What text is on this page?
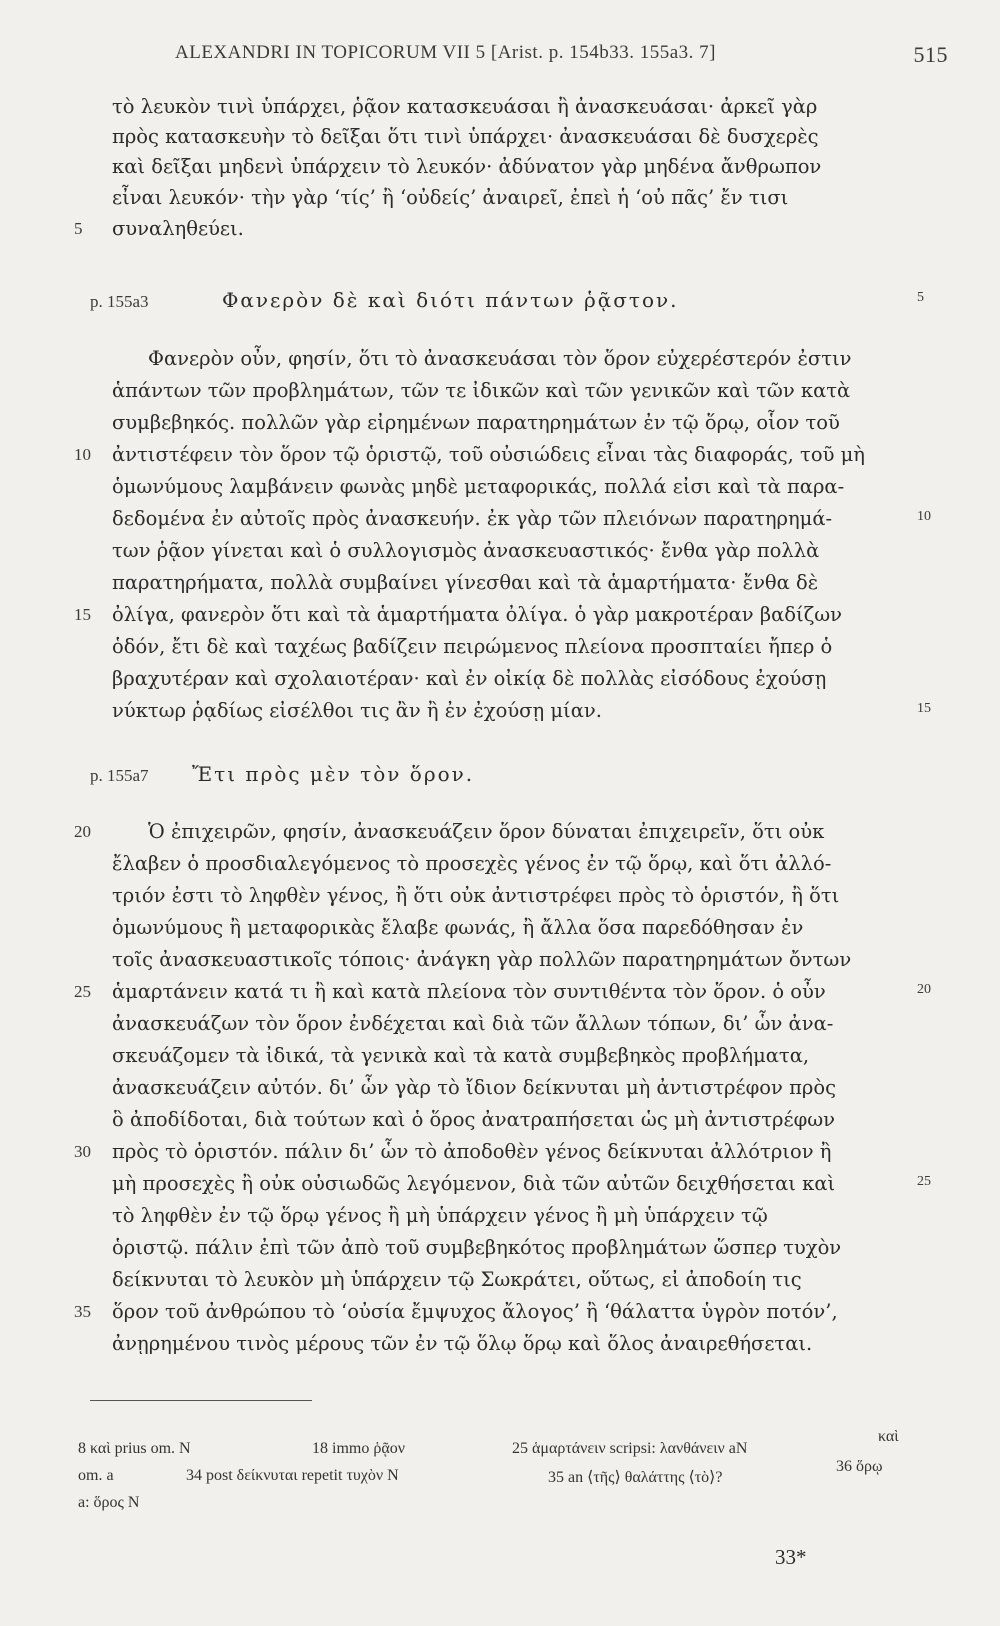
ALEXANDRI IN TOPICORUM VII 5 [Arist. p. 154b33. 155a3. 7]	515
τὸ λευκὸν τινὶ ὑπάρχει, ῥᾷον κατασκευάσαι ἢ ἀνασκευάσαι· ἀρκεῖ γὰρ
πρὸς κατασκευὴν τὸ δεῖξαι ὅτι τινὶ ὑπάρχει· ἀνασκευάσαι δὲ δυσχερὲς
καὶ δεῖξαι μηδενὶ ὑπάρχειν τὸ λευκόν· ἀδύνατον γὰρ μηδένα ἄνθρωπον
εἶναι λευκόν· τὴν γὰρ ‘τίς’ ἢ ‘οὐδείς’ ἀναιρεῖ, ἐπεὶ ἡ ‘οὐ πᾶς’ ἔν τισι
συναληθεύει.
5
p. 155a3	Φανερὸν δὲ καὶ διότι πάντων ῥᾷστον.	5
Φανερὸν οὖν, φησίν, ὅτι τὸ ἀνασκευάσαι τὸν ὅρον εὐχερέστερόν ἐστιν
ἁπάντων τῶν προβλημάτων, τῶν τε ἰδικῶν καὶ τῶν γενικῶν καὶ τῶν κατὰ
συμβεβηκός. πολλῶν γὰρ εἰρημένων παρατηρημάτων ἐν τῷ ὅρῳ, οἷον τοῦ
ἀντιστέφειν τὸν ὅρον τῷ ὁριστῷ, τοῦ οὐσιώδεις εἶναι τὰς διαφοράς, τοῦ μὴ
10
ὁμωνύμους λαμβάνειν φωνὰς μηδὲ μεταφορικάς, πολλά εἰσι καὶ τὰ παρα-
δεδομένα ἐν αὐτοῖς πρὸς ἀνασκευήν. ἐκ γὰρ τῶν πλειόνων παρατηρημά-	10
των ῥᾷον γίνεται καὶ ὁ συλλογισμὸς ἀνασκευαστικός· ἔνθα γὰρ πολλὰ
παρατηρήματα, πολλὰ συμβαίνει γίνεσθαι καὶ τὰ ἁμαρτήματα· ἔνθα δὲ
ὀλίγα, φανερὸν ὅτι καὶ τὰ ἁμαρτήματα ὀλίγα. ὁ γὰρ μακροτέραν βαδίζων
15
ὁδόν, ἔτι δὲ καὶ ταχέως βαδίζειν πειρώμενος πλείονα προσπταίει ἤπερ ὁ
βραχυτέραν καὶ σχολαιοτέραν· καὶ ἐν οἰκίᾳ δὲ πολλὰς εἰσόδους ἐχούσῃ
νύκτωρ ῥᾳδίως εἰσέλθοι τις ἂν ἢ ἐν ἐχούσῃ μίαν.	15
p. 155a7 Ἔτι πρὸς μὲν τὸν ὅρον.
20	Ὁ ἐπιχειρῶν, φησίν, ἀνασκευάζειν ὅρον δύναται ἐπιχειρεῖν, ὅτι οὐκ
ἔλαβεν ὁ προσδιαλεγόμενος τὸ προσεχὲς γένος ἐν τῷ ὅρῳ, καὶ ὅτι ἀλλό-
τριόν ἐστι τὸ ληφθὲν γένος, ἢ ὅτι οὐκ ἀντιστρέφει πρὸς τὸ ὁριστόν, ἢ ὅτι
ὁμωνύμους ἢ μεταφορικὰς ἔλαβε φωνάς, ἢ ἄλλα ὅσα παρεδόθησαν ἐν
τοῖς ἀνασκευαστικοῖς τόποις· ἀνάγκη γὰρ πολλῶν παρατηρημάτων ὄντων
ἁμαρτάνειν κατά τι ἢ καὶ κατὰ πλείονα τὸν συντιθέντα τὸν ὅρον. ὁ οὖν
25	20
ἀνασκευάζων τὸν ὅρον ἐνδέχεται καὶ διὰ τῶν ἄλλων τόπων, δι’ ὧν ἀνα-
σκευάζομεν τὰ ἰδικά, τὰ γενικὰ καὶ τὰ κατὰ συμβεβηκὸς προβλήματα,
ἀνασκευάζειν αὐτόν. δι’ ὧν γὰρ τὸ ἴδιον δείκνυται μὴ ἀντιστρέφον πρὸς
ὃ ἀποδίδοται, διὰ τούτων καὶ ὁ ὅρος ἀνατραπήσεται ὡς μὴ ἀντιστρέφων
πρὸς τὸ ὁριστόν. πάλιν δι’ ὧν τὸ ἀποδοθὲν γένος δείκνυται ἀλλότριον ἢ
30
μὴ προσεχὲς ἢ οὐκ οὐσιωδῶς λεγόμενον, διὰ τῶν αὐτῶν δειχθήσεται καὶ	25
τὸ ληφθὲν ἐν τῷ ὅρῳ γένος ἢ μὴ ὑπάρχειν γένος ἢ μὴ ὑπάρχειν τῷ
ὁριστῷ. πάλιν ἐπὶ τῶν ἀπὸ τοῦ συμβεβηκότος προβλημάτων ὥσπερ τυχὸν
δείκνυται τὸ λευκὸν μὴ ὑπάρχειν τῷ Σωκράτει, οὕτως, εἰ ἀποδοίη τις
ὅρον τοῦ ἀνθρώπου τὸ ‘οὐσία ἔμψυχος ἄλογος’ ἢ ‘θάλαττα ὑγρὸν ποτόν’,
35
ἀνῃρημένου τινὸς μέρους τῶν ἐν τῷ ὅλῳ ὅρῳ καὶ ὅλος ἀναιρεθήσεται.
8 καὶ prius om. N
om. a
a: ὅρος N
18 immo ῥᾷον
34 post δείκνυται repetit τυχὸν N
25 ἁμαρτάνειν scripsi: λανθάνειν aN
35 an ⟨τῆς⟩ θαλάττης ⟨τὸ⟩?
καὶ
36 ὅρῳ
33*
